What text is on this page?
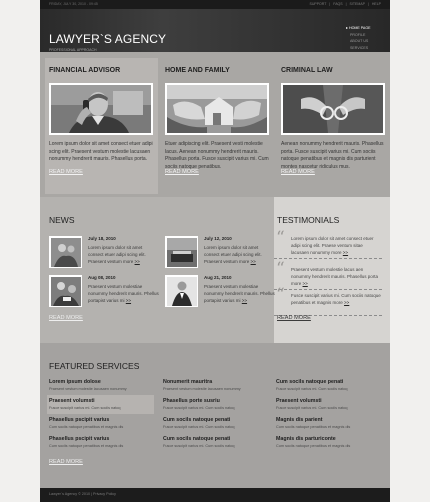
FRIDAY, JULY 30, 2010 - 09:45	SUPPORT | FAQS | SITEMAP | HELP
LAWYER`S AGENCY
PROFESSIONAL APPROACH
▸ HOME PAGE
PROFILE
ABOUT US
SERVICES
FINANCIAL ADVISOR
Lorem ipsum dolor sit amet consect etuer adipi scing elit. Praesent vestum molestie lacusaen nonummy hendrerit mauris. Phasellus porta.
READ MORE
HOME AND FAMILY
Etuer adipiscing elit. Praesent vesti molestie lacus. Aenean nonummy hendrerit mauris. Phasellus porta. Fusce suscipit varius mi. Cum sociis natoque penatibus.
READ MORE
CRIMINAL LAW
Aenean nonummy hendrerit mauris. Phasellus porta. Fusce suscipit varius mi. Cum sociis natoque penatibus et magnis dis parturient montes nascetur ridiculus mus.
READ MORE
NEWS
July 18, 2010
Lorem ipsum dolor sit amet consect etuer adipi scing elit. Praesent vestum more >>
July 12, 2010
Lorem ipsum dolor sit amet consect etuer adipi scing elit. Praesent vestum more >>
Aug 08, 2010
Praesent vestum molestiae nonummy hendrerit mauris. Phellus portapist varius mi >>
Aug 21, 2010
Praesent vestum molestiae nonummy hendrerit mauris. Phellus portapist varius mi >>
READ MORE
TESTIMONIALS
“ Lorem ipsum dolor sit amet consect etuer adipi scing elit. Praese ventum sitae lacusaen nonummy more >>
“ Praesent vestum molestie lacus aen nonummy hendrerit mauris. Phasellus porta more >>
“ Fusce suscipit varius mi. Cum sociis natoque penatibus et magnis more >>
READ MORE
FEATURED SERVICES
Lorem ipsum dolose
Praesent vestum molestie lacusaen nonummy
Praesent volumsti
Fusce suscipit varius mi. Cum sociis natoq
Phasellus pscipit varius
Cum sociis natoque penatibus et magnis dis
Phasellus pscipit varius
Cum sociis natoque penatibus et magnis dis
Nonumerit mauritra
Praesent vestum molestie lacusaen nonummy
Phasellus porte susriu
Fusce suscipit varius mi. Cum sociis natoq
Cum socils natoque penati
Fusce suscipit varius mi. Cum sociis natoq
Cum socils natoque penati
Fusce suscipit varius mi. Cum sociis natoq
Cum socils natoque penati
Fusce suscipit varius mi. Cum sociis natoq
Praesent volumsti
Fusce suscipit varius mi. Cum sociis natoq
Magnis dis parient
Cum sociis natoque penatibus et magnis dis
Magnis dis parturiconte
Cum sociis natoque penatibus et magnis dis
READ MORE
Lawyer`s Agency © 2010 | Privacy Policy
